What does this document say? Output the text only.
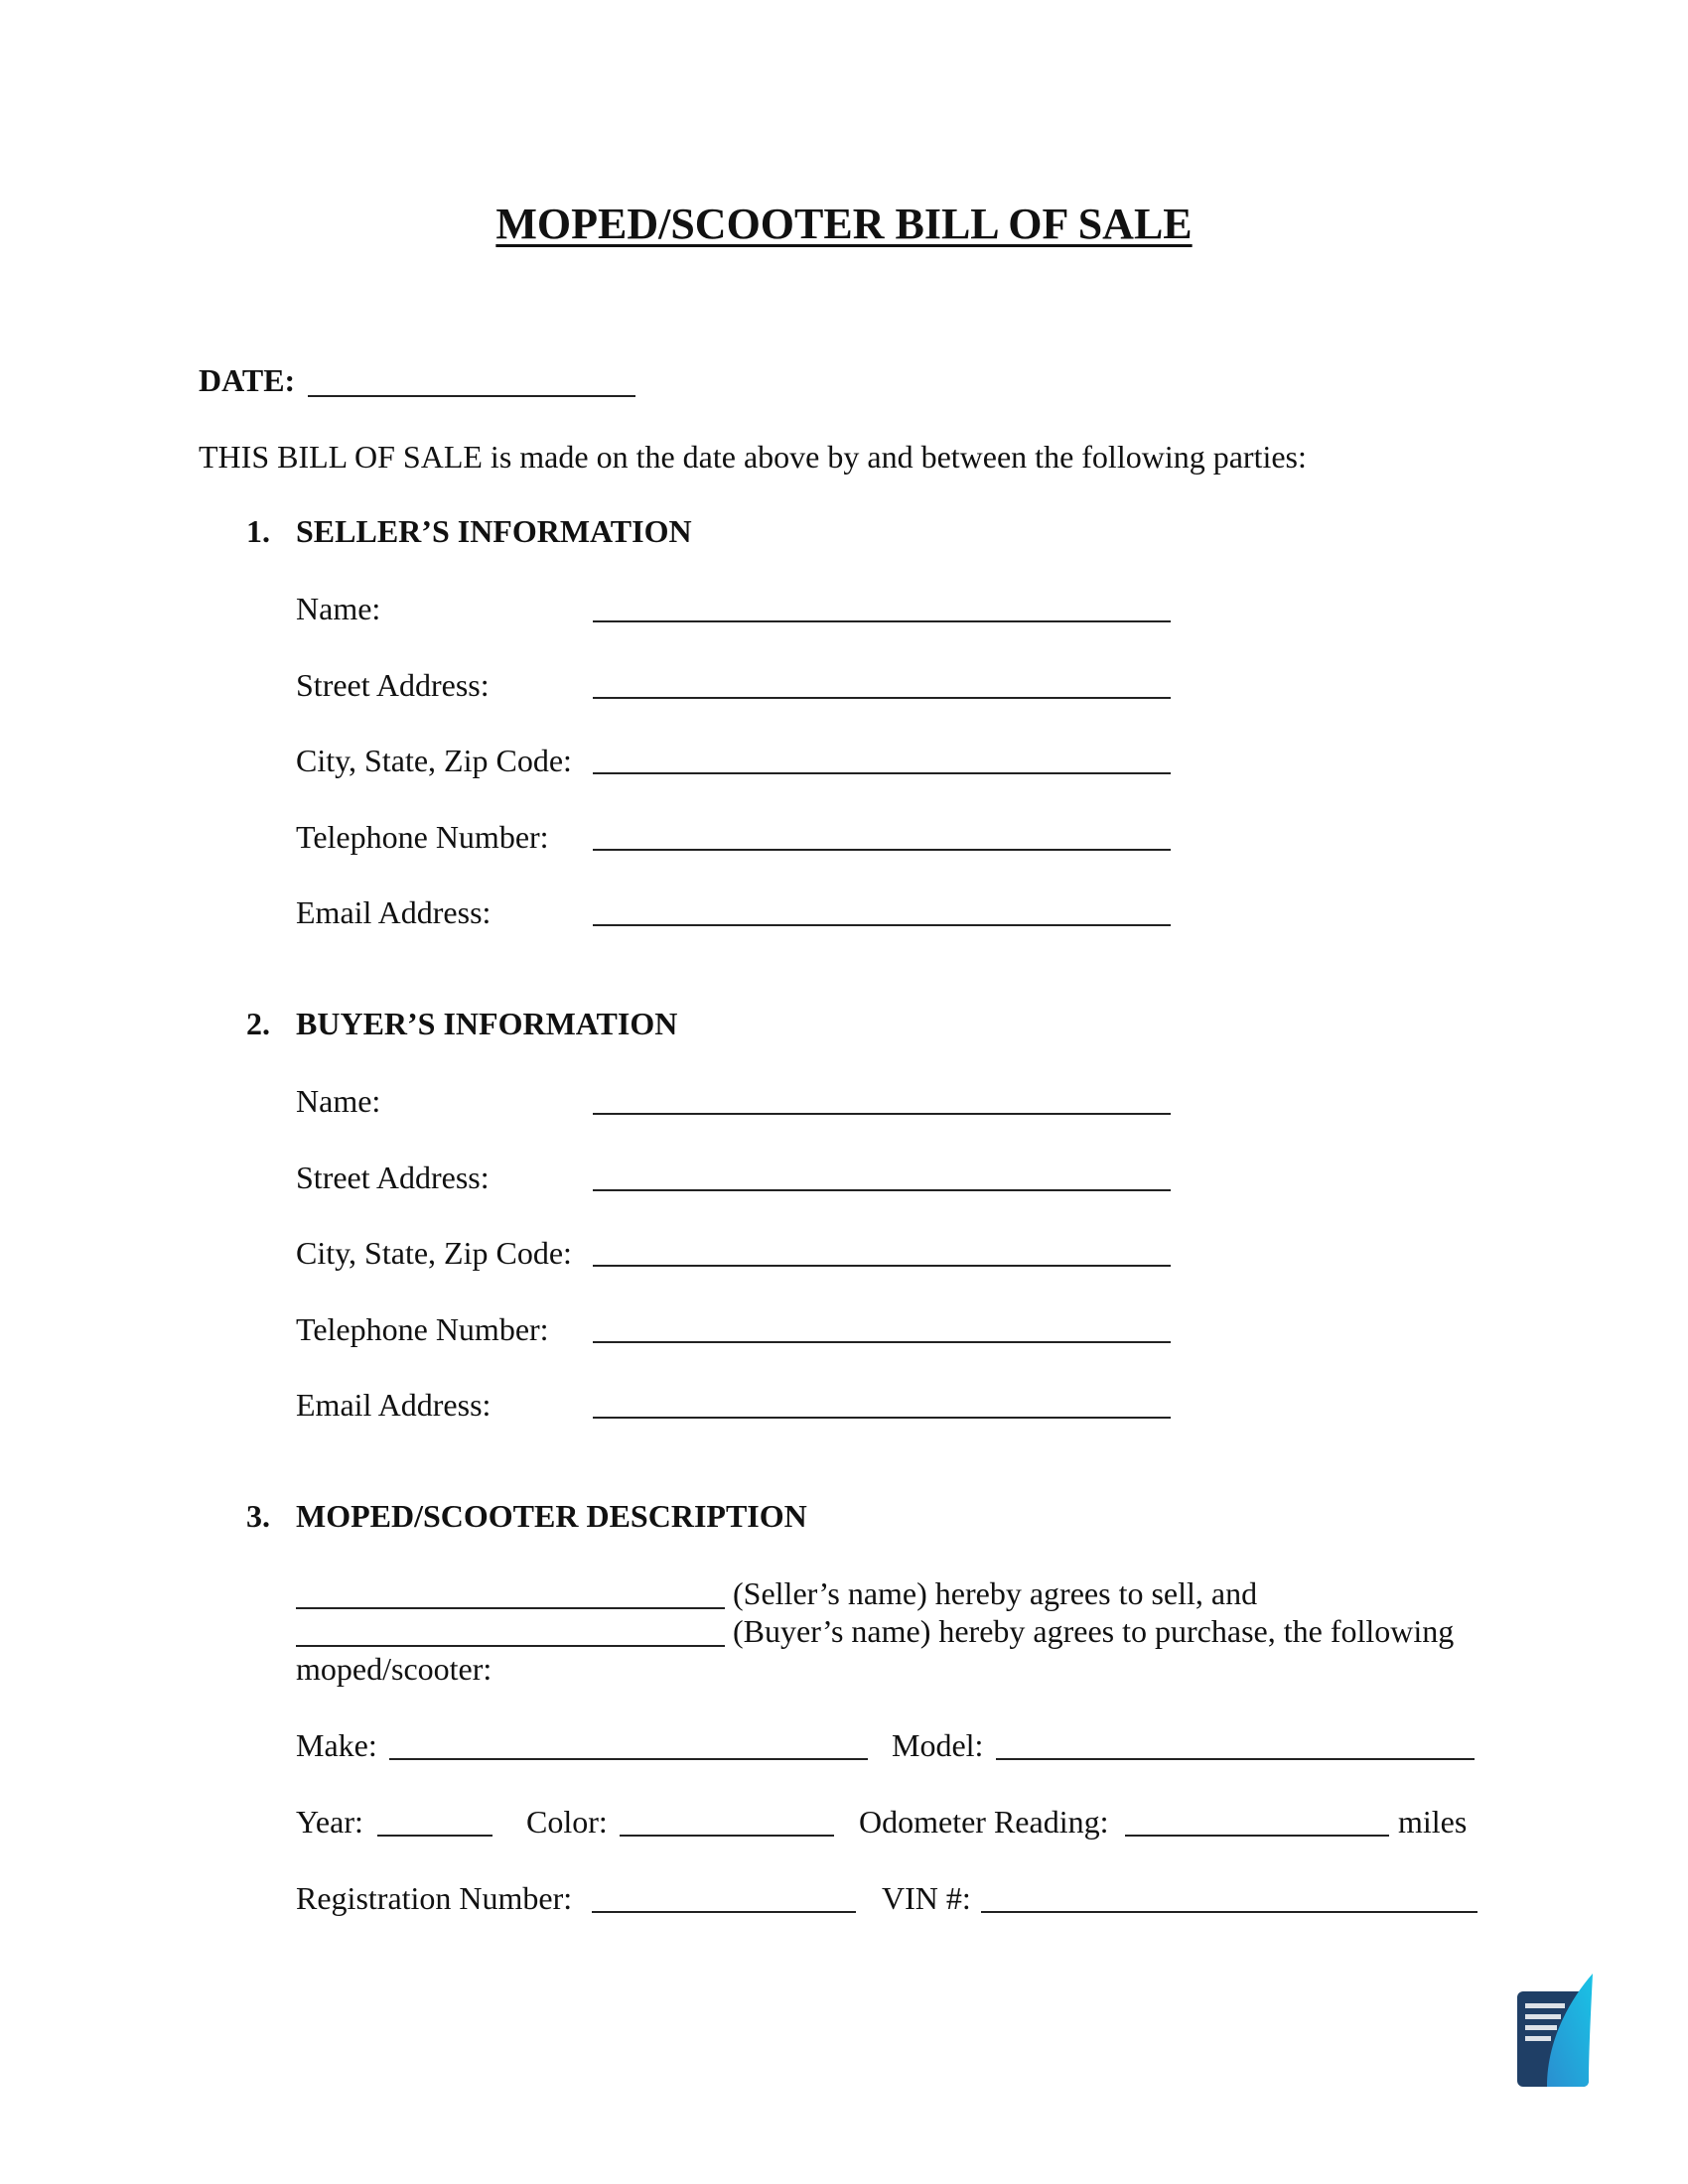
MOPED/SCOOTER BILL OF SALE
DATE:
THIS BILL OF SALE is made on the date above by and between the following parties:
1. SELLER’S INFORMATION
Name:
Street Address:
City, State, Zip Code:
Telephone Number:
Email Address:
2. BUYER’S INFORMATION
Name:
Street Address:
City, State, Zip Code:
Telephone Number:
Email Address:
3. MOPED/SCOOTER DESCRIPTION
(Seller’s name) hereby agrees to sell, and
(Buyer’s name) hereby agrees to purchase, the following
moped/scooter:
Make:	Model:
Year:	Color:	Odometer Reading:	miles
Registration Number:	VIN #:
